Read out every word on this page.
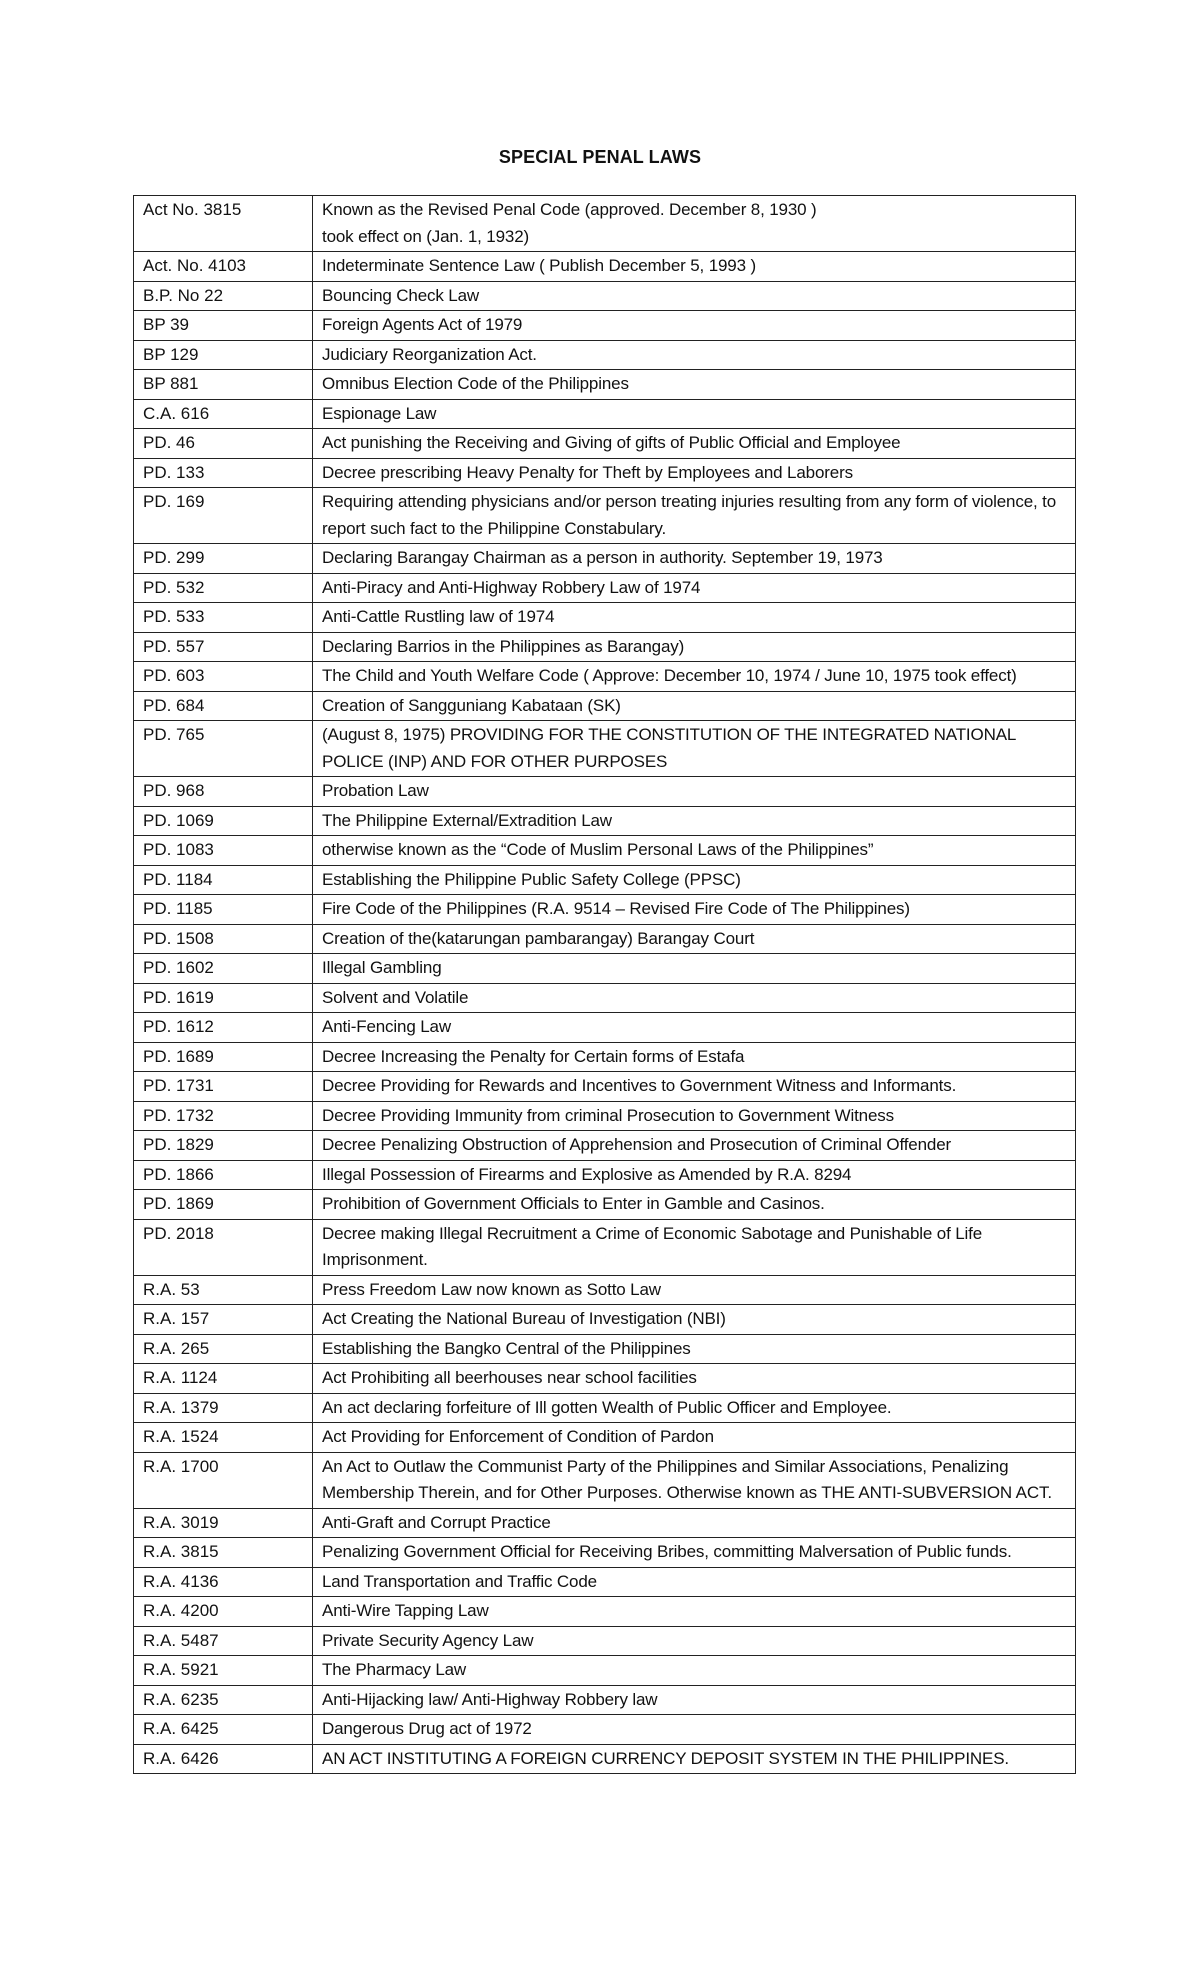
SPECIAL PENAL LAWS
Act No. 3815	Known as the Revised Penal Code (approved. December 8, 1930 )
took effect on (Jan. 1, 1932)
Act. No. 4103	Indeterminate Sentence Law ( Publish December 5, 1993 )
B.P. No 22	Bouncing Check Law
BP 39	Foreign Agents Act of 1979
BP 129	Judiciary Reorganization Act.
BP 881	Omnibus Election Code of the Philippines
C.A. 616	Espionage Law
PD. 46	Act punishing the Receiving and Giving of gifts of Public Official and Employee
PD. 133	Decree prescribing Heavy Penalty for Theft by Employees and Laborers
PD. 169	Requiring attending physicians and/or person treating injuries resulting from any form of violence, to report such fact to the Philippine Constabulary.
PD. 299	Declaring Barangay Chairman as a person in authority. September 19, 1973
PD. 532	Anti-Piracy and Anti-Highway Robbery Law of 1974
PD. 533	Anti-Cattle Rustling law of 1974
PD. 557	Declaring Barrios in the Philippines as Barangay)
PD. 603	The Child and Youth Welfare Code ( Approve: December 10, 1974 / June 10, 1975 took effect)
PD. 684	Creation of Sangguniang Kabataan (SK)
PD. 765	(August 8, 1975) PROVIDING FOR THE CONSTITUTION OF THE INTEGRATED NATIONAL POLICE (INP) AND FOR OTHER PURPOSES
PD. 968	Probation Law
PD. 1069	The Philippine External/Extradition Law
PD. 1083	otherwise known as the “Code of Muslim Personal Laws of the Philippines”
PD. 1184	Establishing the Philippine Public Safety College (PPSC)
PD. 1185	Fire Code of the Philippines (R.A. 9514 – Revised Fire Code of The Philippines)
PD. 1508	Creation of the(katarungan pambarangay) Barangay Court
PD. 1602	Illegal Gambling
PD. 1619	Solvent and Volatile
PD. 1612	Anti-Fencing Law
PD. 1689	Decree Increasing the Penalty for Certain forms of Estafa
PD. 1731	Decree Providing for Rewards and Incentives to Government Witness and Informants.
PD. 1732	Decree Providing Immunity from criminal Prosecution to Government Witness
PD. 1829	Decree Penalizing Obstruction of Apprehension and Prosecution of Criminal Offender
PD. 1866	Illegal Possession of Firearms and Explosive as Amended by R.A. 8294
PD. 1869	Prohibition of Government Officials to Enter in Gamble and Casinos.
PD. 2018	Decree making Illegal Recruitment a Crime of Economic Sabotage and Punishable of Life Imprisonment.
R.A. 53	Press Freedom Law now known as Sotto Law
R.A. 157	Act Creating the National Bureau of Investigation (NBI)
R.A. 265	Establishing the Bangko Central of the Philippines
R.A. 1124	Act Prohibiting all beerhouses near school facilities
R.A. 1379	An act declaring forfeiture of Ill gotten Wealth of Public Officer and Employee.
R.A. 1524	Act Providing for Enforcement of Condition of Pardon
R.A. 1700	An Act to Outlaw the Communist Party of the Philippines and Similar Associations, Penalizing Membership Therein, and for Other Purposes. Otherwise known as THE ANTI-SUBVERSION ACT.
R.A. 3019	Anti-Graft and Corrupt Practice
R.A. 3815	Penalizing Government Official for Receiving Bribes, committing Malversation of Public funds.
R.A. 4136	Land Transportation and Traffic Code
R.A. 4200	Anti-Wire Tapping Law
R.A. 5487	Private Security Agency Law
R.A. 5921	The Pharmacy Law
R.A. 6235	Anti-Hijacking law/ Anti-Highway Robbery law
R.A. 6425	Dangerous Drug act of 1972
R.A. 6426	AN ACT INSTITUTING A FOREIGN CURRENCY DEPOSIT SYSTEM IN THE PHILIPPINES.
